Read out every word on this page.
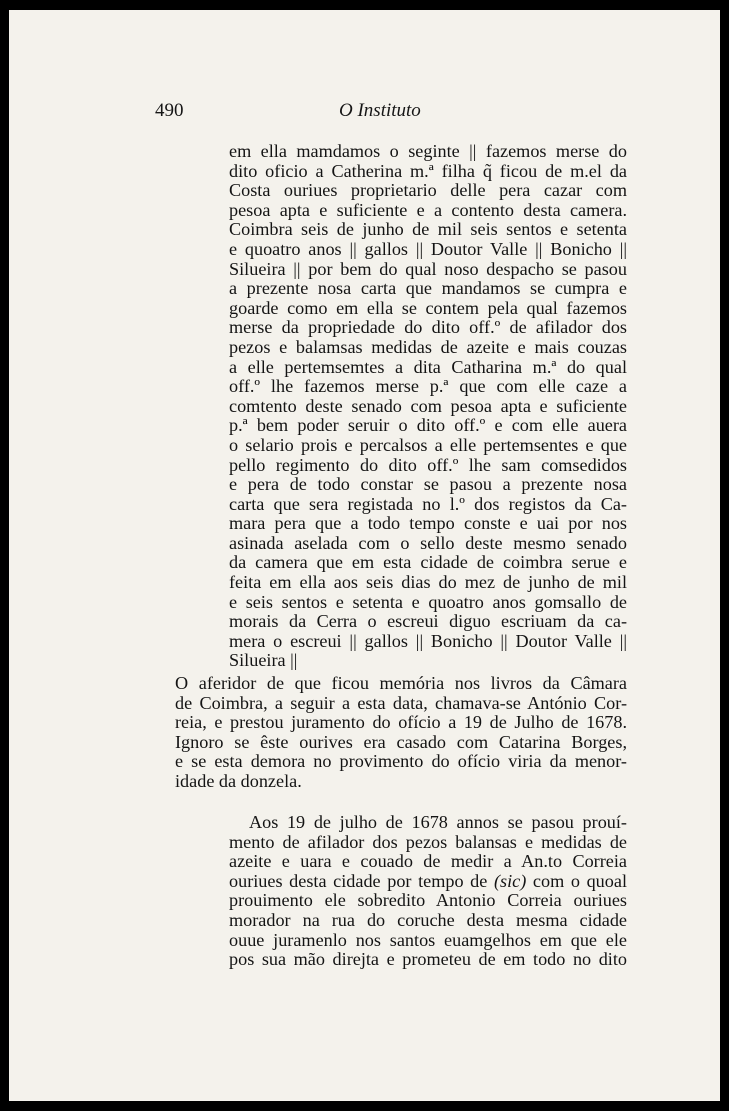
490	O Instituto
em ella mamdamos o seginte || fazemos merse do
dito oficio a Catherina m.ª filha q̃ ficou de m.el da
Costa ouriues proprietario delle pera cazar com
pesoa apta e suficiente e a contento desta camera.
Coimbra seis de junho de mil seis sentos e setenta
e quoatro anos || gallos || Doutor Valle || Bonicho ||
Silueira || por bem do qual noso despacho se pasou
a prezente nosa carta que mandamos se cumpra e
goarde como em ella se contem pela qual fazemos
merse da propriedade do dito off.º de afilador dos
pezos e balamsas medidas de azeite e mais couzas
a elle pertemsemtes a dita Catharina m.ª do qual
off.º lhe fazemos merse p.ª que com elle caze a
comtento deste senado com pesoa apta e suficiente
p.ª bem poder seruir o dito off.º e com elle auera
o selario prois e percalsos a elle pertemsentes e que
pello regimento do dito off.º lhe sam comsedidos
e pera de todo constar se pasou a prezente nosa
carta que sera registada no l.º dos registos da Ca-
mara pera que a todo tempo conste e uai por nos
asinada aselada com o sello deste mesmo senado
da camera que em esta cidade de coimbra serue e
feita em ella aos seis dias do mez de junho de mil
e seis sentos e setenta e quoatro anos gomsallo de
morais da Cerra o escreui diguo escriuam da ca-
mera o escreui || gallos || Bonicho || Doutor Valle ||
Silueira ||
O aferidor de que ficou memória nos livros da Câmara
de Coimbra, a seguir a esta data, chamava-se António Cor-
reia, e prestou juramento do ofício a 19 de Julho de 1678.
Ignoro se êste ourives era casado com Catarina Borges,
e se esta demora no provimento do ofício viria da menor-
idade da donzela.
Aos 19 de julho de 1678 annos se pasou prouí-
mento de afilador dos pezos balansas e medidas de
azeite e uara e couado de medir a An.to Correia
ouriues desta cidade por tempo de (sic) com o quoal
prouimento ele sobredito Antonio Correia ouriues
morador na rua do coruche desta mesma cidade
ouue juramenlo nos santos euamgelhos em que ele
pos sua mão direjta e prometeu de em todo no dito
